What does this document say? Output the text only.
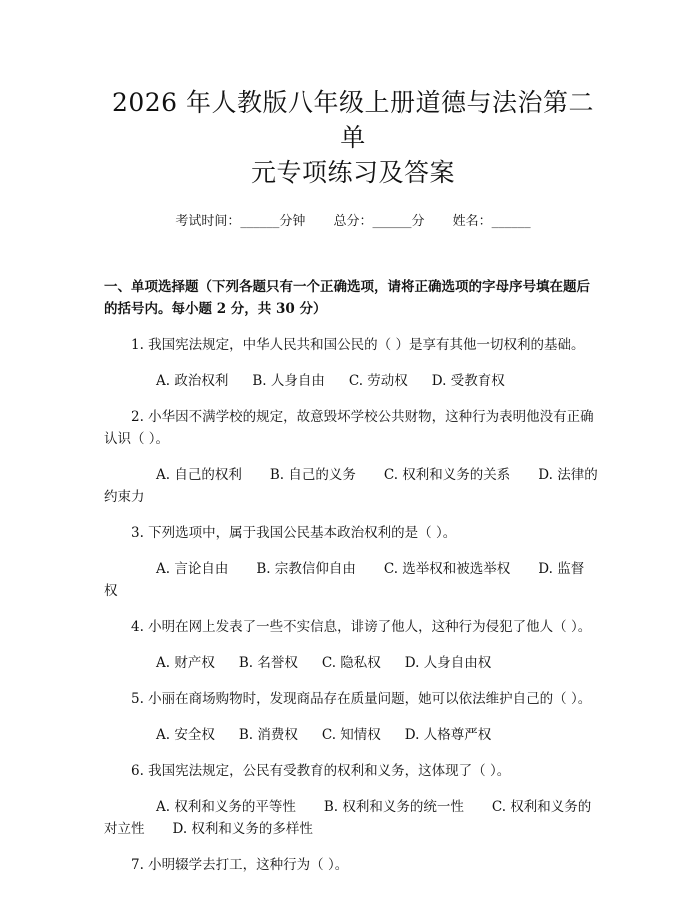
2026 年人教版八年级上册道德与法治第二单
元专项练习及答案
考试时间：______分钟 总分：______分 姓名：______
一、单项选择题（下列各题只有一个正确选项，请将正确选项的字母序号填在题后的括号内。每小题 2 分，共 30 分）

1. 我国宪法规定，中华人民共和国公民的（ ）是享有其他一切权利的基础。

A. 政治权利 B. 人身自由 C. 劳动权 D. 受教育权

2. 小华因不满学校的规定，故意毁坏学校公共财物，这种行为表明他没有正确认识（ ）。

A. 自己的权利 B. 自己的义务 C. 权利和义务的关系 D. 法律的约束力

3. 下列选项中，属于我国公民基本政治权利的是（ ）。

A. 言论自由 B. 宗教信仰自由 C. 选举权和被选举权 D. 监督权

4. 小明在网上发表了一些不实信息，诽谤了他人，这种行为侵犯了他人（ ）。

A. 财产权 B. 名誉权 C. 隐私权 D. 人身自由权

5. 小丽在商场购物时，发现商品存在质量问题，她可以依法维护自己的（ ）。

A. 安全权 B. 消费权 C. 知情权 D. 人格尊严权

6. 我国宪法规定，公民有受教育的权利和义务，这体现了（ ）。

A. 权利和义务的平等性 B. 权利和义务的统一性 C. 权利和义务的对立性 D. 权利和义务的多样性

7. 小明辍学去打工，这种行为（ ）。
